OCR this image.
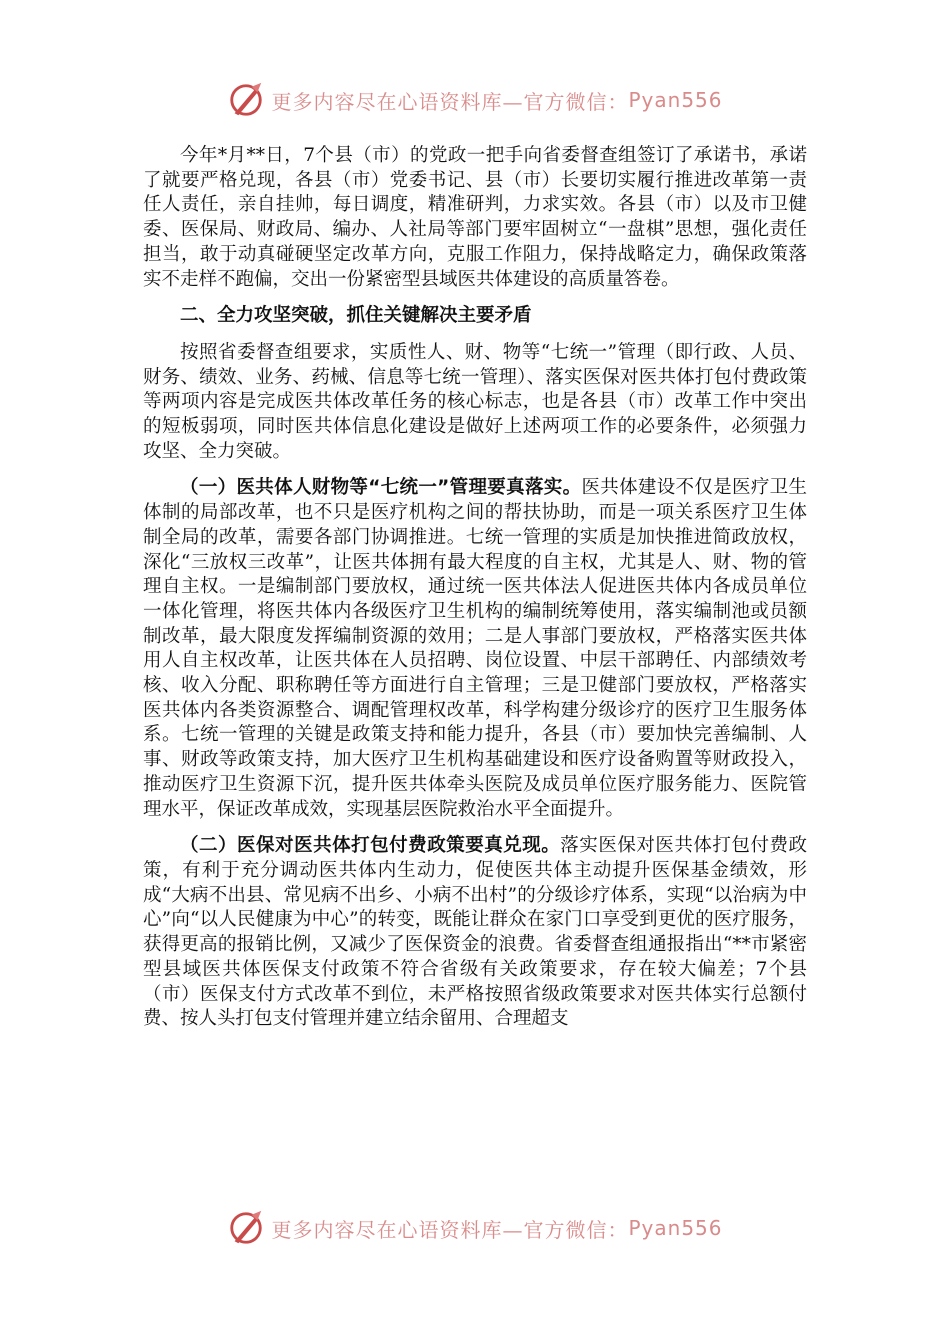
更多内容尽在心语资料库—官方微信： Pyan556

今年*月**日，7个县（市）的党政一把手向省委督查组签订了承诺书，承诺了就要严格兑现，各县（市）党委书记、县（市）长要切实履行推进改革第一责任人责任，亲自挂帅，每日调度，精准研判，力求实效。各县（市）以及市卫健委、医保局、财政局、编办、人社局等部门要牢固树立“一盘棋”思想，强化责任担当，敢于动真碰硬坚定改革方向，克服工作阻力，保持战略定力，确保政策落实不走样不跑偏，交出一份紧密型县域医共体建设的高质量答卷。

二、全力攻坚突破，抓住关键解决主要矛盾

按照省委督查组要求，实质性人、财、物等“七统一”管理（即行政、人员、财务、绩效、业务、药械、信息等七统一管理）、落实医保对医共体打包付费政策等两项内容是完成医共体改革任务的核心标志，也是各县（市）改革工作中突出的短板弱项，同时医共体信息化建设是做好上述两项工作的必要条件，必须强力攻坚、全力突破。

（一）医共体人财物等“七统一”管理要真落实。医共体建设不仅是医疗卫生体制的局部改革，也不只是医疗机构之间的帮扶协助，而是一项关系医疗卫生体制全局的改革，需要各部门协调推进。七统一管理的实质是加快推进简政放权，深化“三放权三改革”，让医共体拥有最大程度的自主权，尤其是人、财、物的管理自主权。一是编制部门要放权，通过统一医共体法人促进医共体内各成员单位一体化管理，将医共体内各级医疗卫生机构的编制统筹使用，落实编制池或员额制改革，最大限度发挥编制资源的效用；二是人事部门要放权，严格落实医共体用人自主权改革，让医共体在人员招聘、岗位设置、中层干部聘任、内部绩效考核、收入分配、职称聘任等方面进行自主管理；三是卫健部门要放权，严格落实医共体内各类资源整合、调配管理权改革，科学构建分级诊疗的医疗卫生服务体系。七统一管理的关键是政策支持和能力提升，各县（市）要加快完善编制、人事、财政等政策支持，加大医疗卫生机构基础建设和医疗设备购置等财政投入，推动医疗卫生资源下沉，提升医共体牵头医院及成员单位医疗服务能力、医院管理水平，保证改革成效，实现基层医院救治水平全面提升。

（二）医保对医共体打包付费政策要真兑现。落实医保对医共体打包付费政策，有利于充分调动医共体内生动力，促使医共体主动提升医保基金绩效，形成“大病不出县、常见病不出乡、小病不出村”的分级诊疗体系，实现“以治病为中心”向“以人民健康为中心”的转变，既能让群众在家门口享受到更优的医疗服务，获得更高的报销比例，又减少了医保资金的浪费。省委督查组通报指出“**市紧密型县域医共体医保支付政策不符合省级有关政策要求，存在较大偏差；7个县（市）医保支付方式改革不到位，未严格按照省级政策要求对医共体实行总额付费、按人头打包支付管理并建立结余留用、合理超支

更多内容尽在心语资料库—官方微信： Pyan556
